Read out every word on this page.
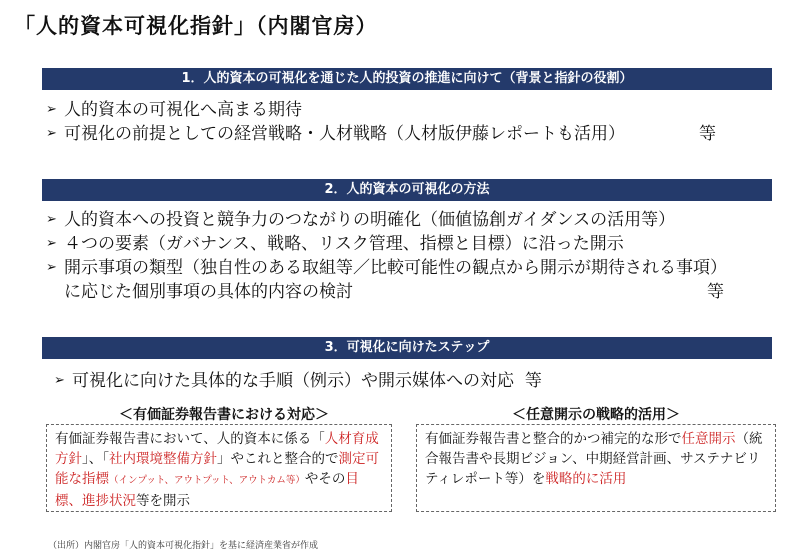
「人的資本可視化指針」（内閣官房）
1．人的資本の可視化を通じた人的投資の推進に向けて（背景と指針の役割）
➢ 人的資本の可視化へ高まる期待
➢ 可視化の前提としての経営戦略・人材戦略（人材版伊藤レポートも活用）	等
2．人的資本の可視化の方法
➢ 人的資本への投資と競争力のつながりの明確化（価値協創ガイダンスの活用等）
➢ ４つの要素（ガバナンス、戦略、リスク管理、指標と目標）に沿った開示
➢ 開示事項の類型（独自性のある取組等／比較可能性の観点から開示が期待される事項）に応じた個別事項の具体的内容の検討	等
3．可視化に向けたステップ
➢ 可視化に向けた具体的な手順（例示）や開示媒体への対応 等
＜有価証券報告書における対応＞	＜任意開示の戦略的活用＞
有価証券報告書において、人的資本に係る「人材育成方針」、「社内環境整備方針」やこれと整合的で測定可能な指標（インプット、アウトプット、アウトカム等）やその目標、進捗状況等を開示
有価証券報告書と整合的かつ補完的な形で任意開示（統合報告書や長期ビジョン、中期経営計画、サステナビリティレポート等）を戦略的に活用
（出所）内閣官房「人的資本可視化指針」を基に経済産業省が作成
